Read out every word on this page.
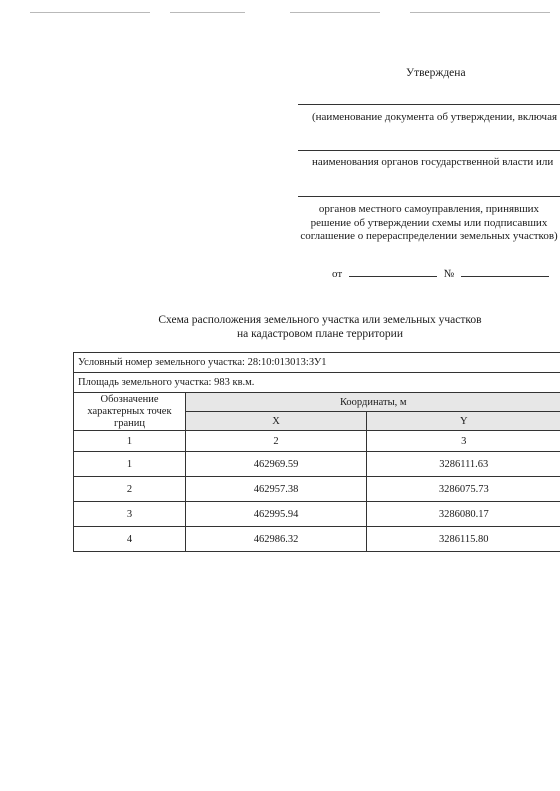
Утверждена
(наименование документа об утверждении, включая
наименования органов государственной власти или
органов местного самоуправления, принявших решение об утверждении схемы или подписавших соглашение о перераспределении земельных участков)
от	№
Схема расположения земельного участка или земельных участков
на кадастровом плане территории
Условный номер земельного участка: 28:10:013013:ЗУ1		
Площадь земельного участка: 983 кв.м.		
Обозначение характерных точек границ	Координаты, м	
	X	Y
1	2	3
1	462969.59	3286111.63
2	462957.38	3286075.73
3	462995.94	3286080.17
4	462986.32	3286115.80
